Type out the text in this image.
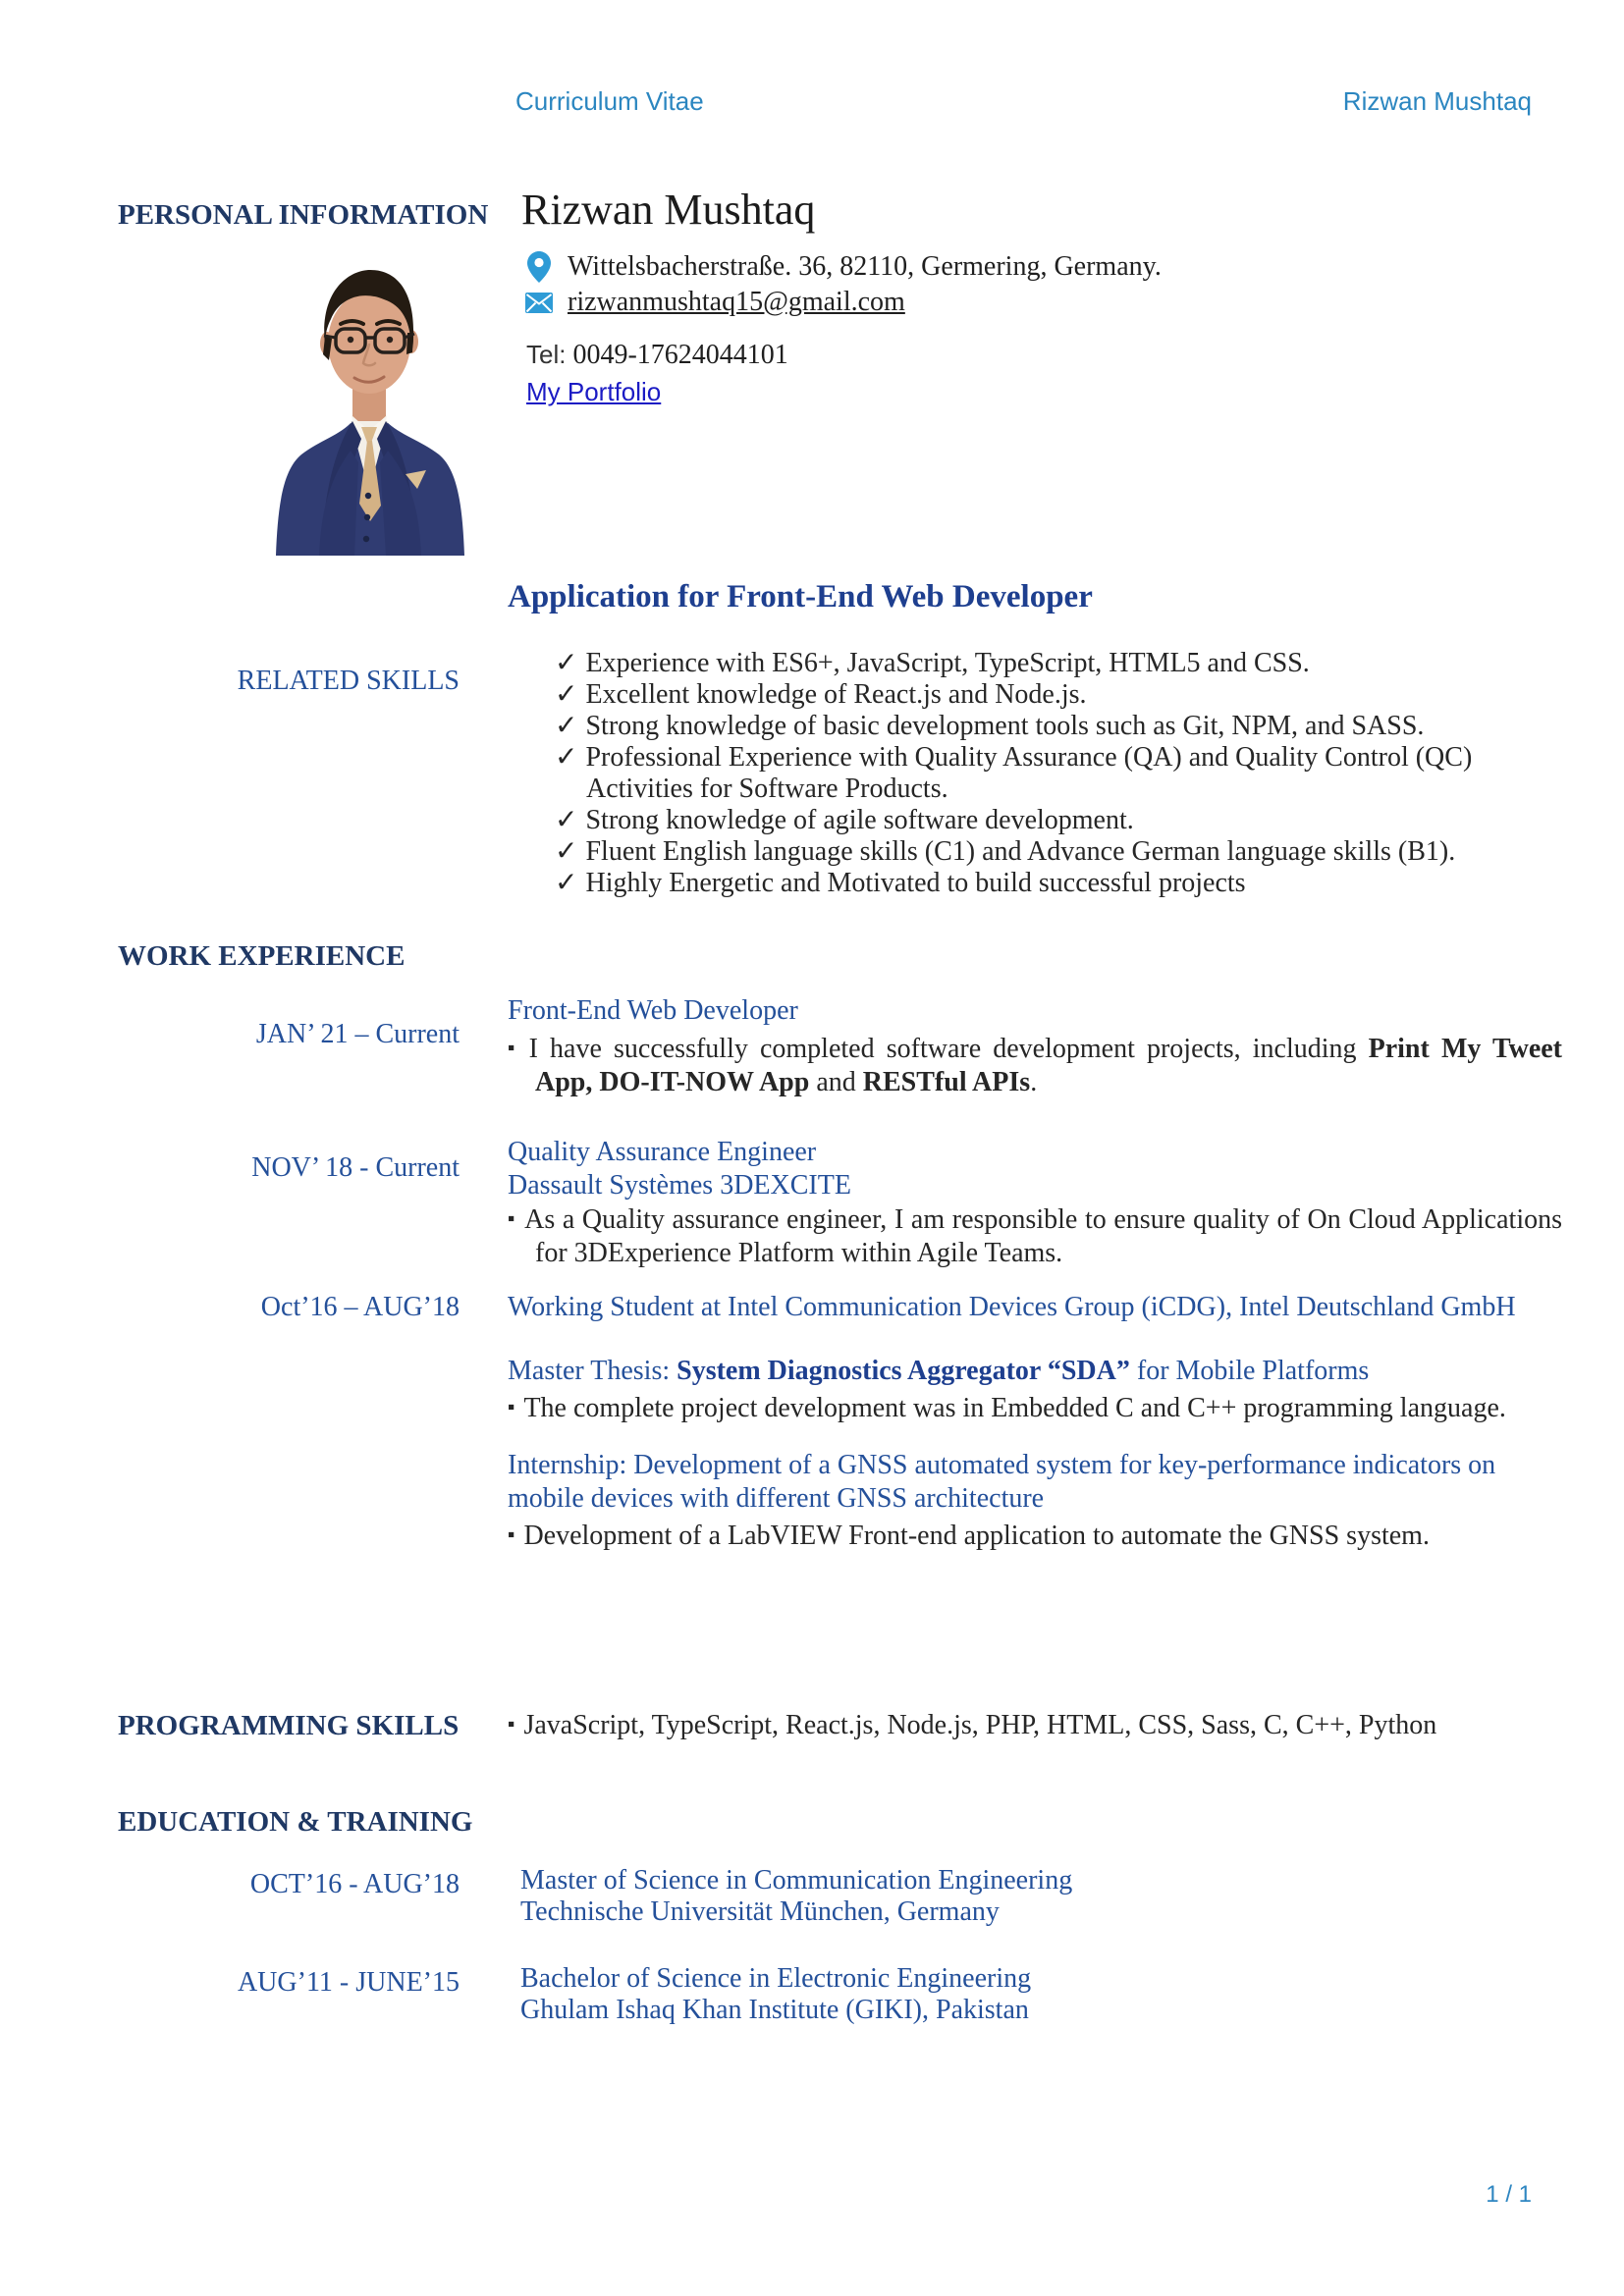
Curriculum Vitae	Rizwan Mushtaq
PERSONAL INFORMATION Rizwan Mushtaq
Wittelsbacherstraße. 36, 82110, Germering, Germany.
rizwanmushtaq15@gmail.com
Tel: 0049-17624044101
My Portfolio
Application for Front-End Web Developer
RELATED SKILLS
✓ Experience with ES6+, JavaScript, TypeScript, HTML5 and CSS.
✓ Excellent knowledge of React.js and Node.js.
✓ Strong knowledge of basic development tools such as Git, NPM, and SASS.
✓ Professional Experience with Quality Assurance (QA) and Quality Control (QC) Activities for Software Products.
✓ Strong knowledge of agile software development.
✓ Fluent English language skills (C1) and Advance German language skills (B1).
✓ Highly Energetic and Motivated to build successful projects
WORK EXPERIENCE
JAN’ 21 – Current
Front-End Web Developer

▪ I have successfully completed software development projects, including Print My Tweet App, DO-IT-NOW App and RESTful APIs.

NOV’ 18 - Current
Quality Assurance Engineer
Dassault Systèmes 3DEXCITE

▪ As a Quality assurance engineer, I am responsible to ensure quality of On Cloud Applications for 3DExperience Platform within Agile Teams.

Oct’16 – AUG’18 Working Student at Intel Communication Devices Group (iCDG), Intel Deutschland GmbH

Master Thesis: System Diagnostics Aggregator “SDA” for Mobile Platforms

▪ The complete project development was in Embedded C and C++ programming language.

Internship: Development of a GNSS automated system for key-performance indicators on mobile devices with different GNSS architecture

▪ Development of a LabVIEW Front-end application to automate the GNSS system.

PROGRAMMING SKILLS ▪ JavaScript, TypeScript, React.js, Node.js, PHP, HTML, CSS, Sass, C, C++, Python
EDUCATION & TRAINING
OCT’16 - AUG’18 Master of Science in Communication Engineering
Technische Universität München, Germany
AUG’11 - JUNE’15 Bachelor of Science in Electronic Engineering
Ghulam Ishaq Khan Institute (GIKI), Pakistan
1 / 1
